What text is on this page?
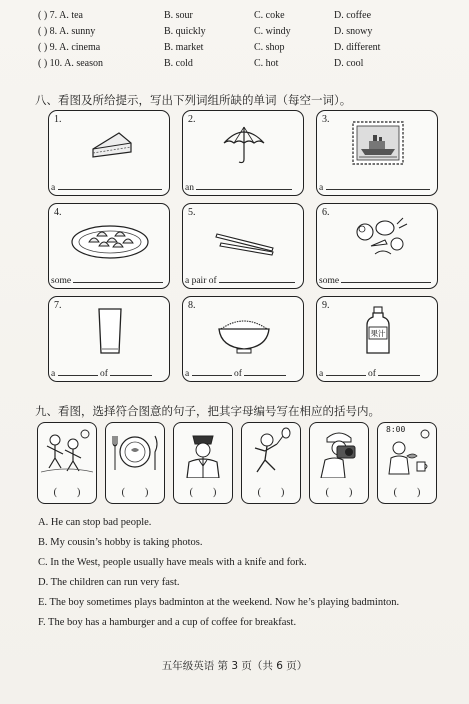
( ) 7. A. tea	B. sour	C. coke	D. coffee
( ) 8. A. sunny	B. quickly	C. windy	D. snowy
( ) 9. A. cinema	B. market	C. shop	D. different
( ) 10. A. season	B. cold	C. hot	D. cool
八、看图及所给提示，写出下列词组所缺的单词（每空一词）。
1.
a
2.
an
3.
a
4.
some
5.
a pair of
6.
some
7.
a	of
8.
a	of
9.
果汁
a	of
九、看图，选择符合图意的句子，把其字母编号写在相应的括号内。
(        )	(        )	(        )	(        )	(        )
8:00
(        )
A. He can stop bad people.
B. My cousin’s hobby is taking photos.
C. In the West, people usually have meals with a knife and fork.
D. The children can run very fast.
E. The boy sometimes plays badminton at the weekend. Now he’s playing badminton.
F. The boy has a hamburger and a cup of coffee for breakfast.
五年级英语 第 3 页（共 6 页）
